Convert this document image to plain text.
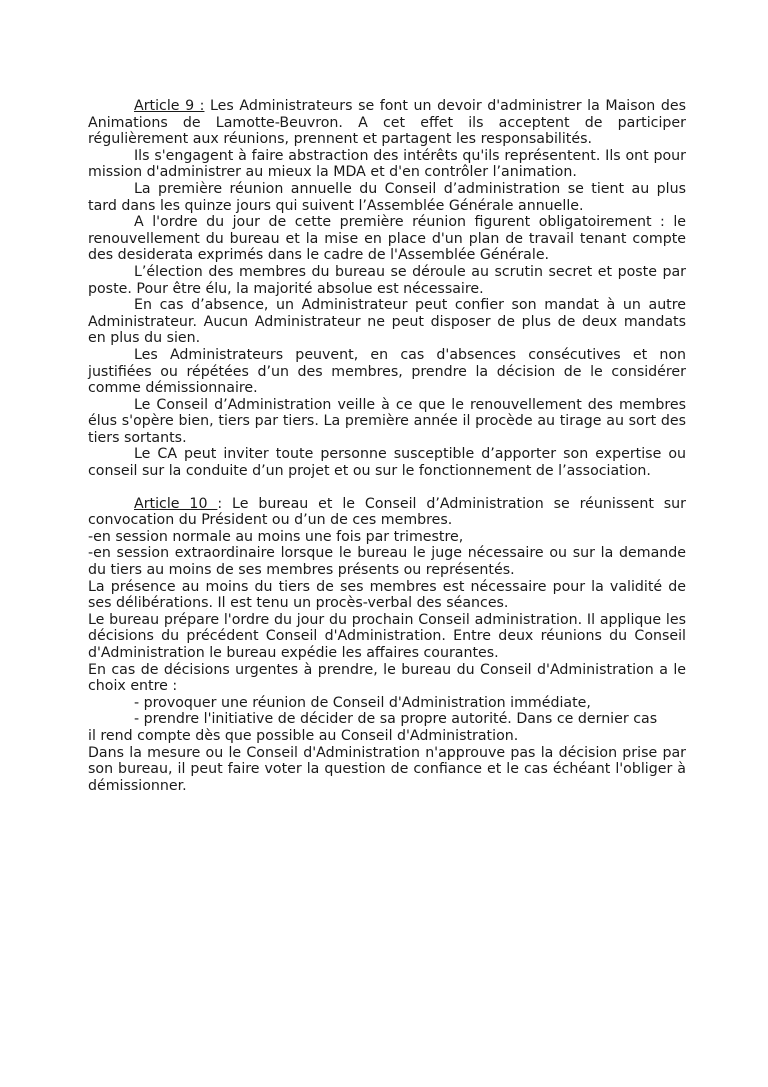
Article 9 : Les Administrateurs se font un devoir d'administrer la Maison des Animations de Lamotte-Beuvron. A cet effet ils acceptent de participer régulièrement aux réunions, prennent et partagent les responsabilités.

Ils s'engagent à faire abstraction des intérêts qu'ils représentent. Ils ont pour mission d'administrer au mieux la MDA et d'en contrôler l’animation.

La première réunion annuelle du Conseil d’administration se tient au plus tard dans les quinze jours qui suivent l’Assemblée Générale annuelle.

A l'ordre du jour de cette première réunion figurent obligatoirement : le renouvellement du bureau et la mise en place d'un plan de travail tenant compte des desiderata exprimés dans le cadre de l'Assemblée Générale.

L’élection des membres du bureau se déroule au scrutin secret et poste par poste. Pour être élu, la majorité absolue est nécessaire.

En cas d’absence, un Administrateur peut confier son mandat à un autre Administrateur. Aucun Administrateur ne peut disposer de plus de deux mandats en plus du sien.

Les Administrateurs peuvent, en cas d'absences consécutives et non justifiées ou répétées d’un des membres, prendre la décision de le considérer comme démissionnaire.

Le Conseil d’Administration veille à ce que le renouvellement des membres élus s'opère bien, tiers par tiers. La première année il procède au tirage au sort des tiers sortants.

Le CA peut inviter toute personne susceptible d’apporter son expertise ou conseil sur la conduite d’un projet et ou sur le fonctionnement de l’association.

Article 10 : Le bureau et le Conseil d’Administration se réunissent sur convocation du Président ou d’un de ces membres.

-en session normale au moins une fois par trimestre,

-en session extraordinaire lorsque le bureau le juge nécessaire ou sur la demande du tiers au moins de ses membres présents ou représentés.

La présence au moins du tiers de ses membres est nécessaire pour la validité de ses délibérations. Il est tenu un procès-verbal des séances.

Le bureau prépare l'ordre du jour du prochain Conseil administration. Il applique les décisions du précédent Conseil d'Administration. Entre deux réunions du Conseil d'Administration le bureau expédie les affaires courantes.

En cas de décisions urgentes à prendre, le bureau du Conseil d'Administration a le choix entre :

- provoquer une réunion de Conseil d'Administration immédiate,

- prendre l'initiative de décider de sa propre autorité. Dans ce dernier cas

il rend compte dès que possible au Conseil d'Administration.

Dans la mesure ou le Conseil d'Administration n'approuve pas la décision prise par son bureau, il peut faire voter la question de confiance et le cas échéant l'obliger à démissionner.
